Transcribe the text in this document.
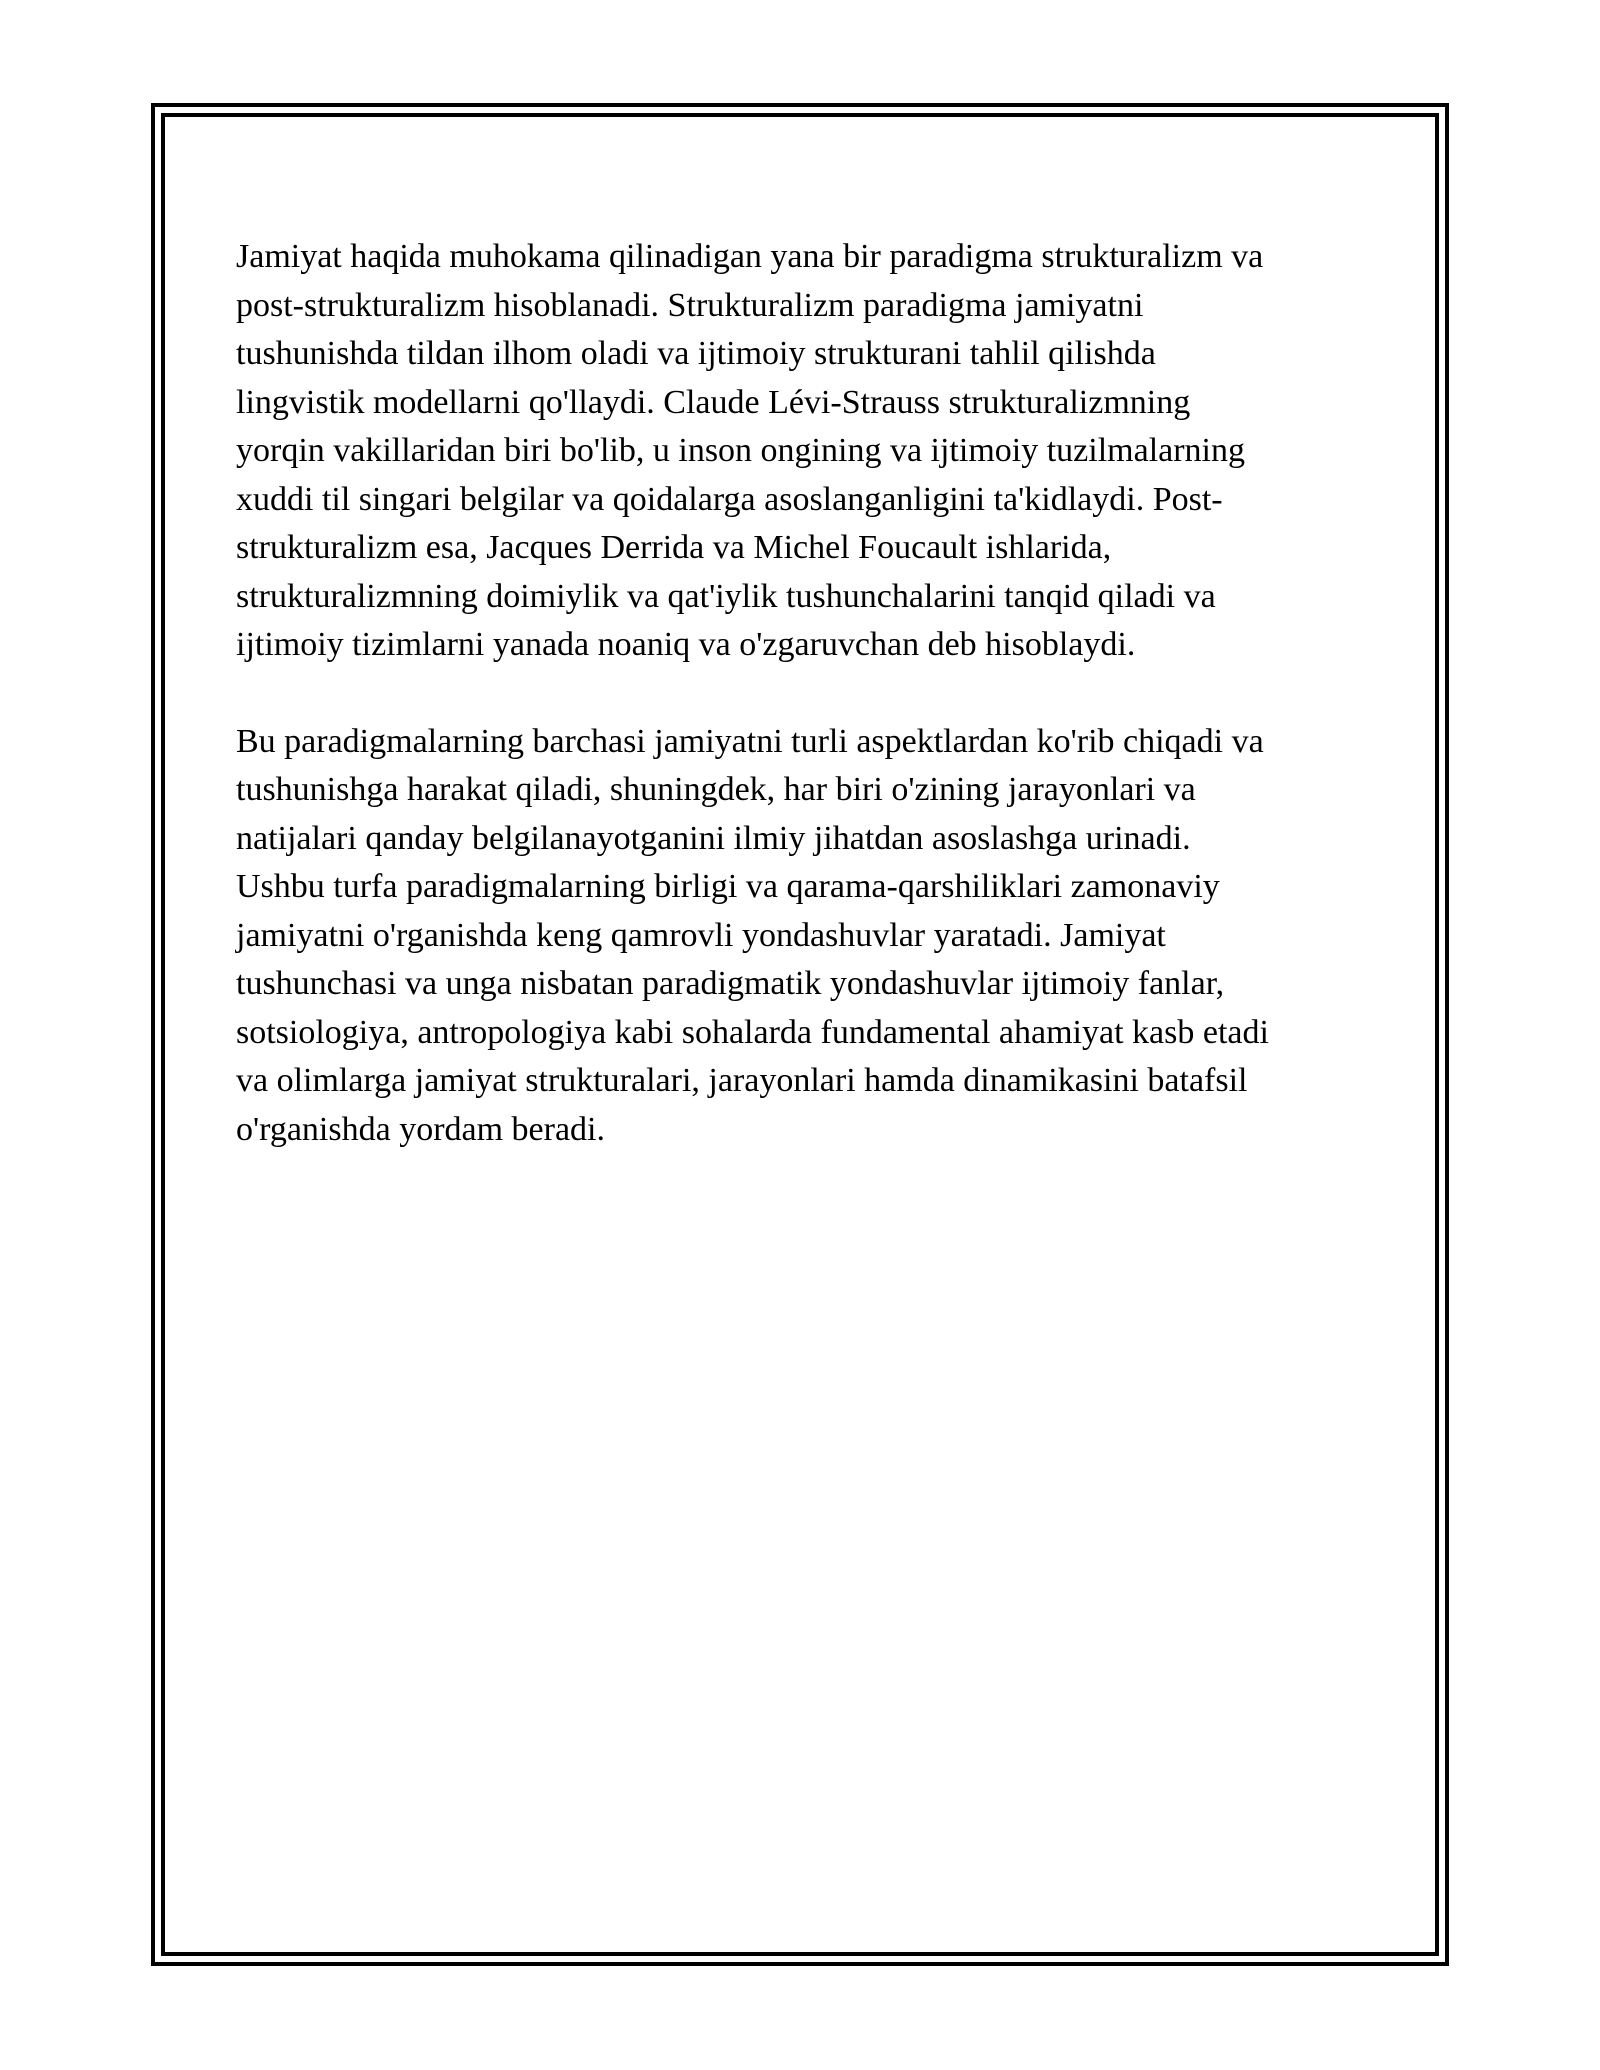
Jamiyat haqida muhokama qilinadigan yana bir paradigma strukturalizm va
post-strukturalizm hisoblanadi. Strukturalizm paradigma jamiyatni
tushunishda tildan ilhom oladi va ijtimoiy strukturani tahlil qilishda
lingvistik modellarni qo'llaydi. Claude Lévi-Strauss strukturalizmning
yorqin vakillaridan biri bo'lib, u inson ongining va ijtimoiy tuzilmalarning
xuddi til singari belgilar va qoidalarga asoslanganligini ta'kidlaydi. Post-
strukturalizm esa, Jacques Derrida va Michel Foucault ishlarida,
strukturalizmning doimiylik va qat'iylik tushunchalarini tanqid qiladi va
ijtimoiy tizimlarni yanada noaniq va o'zgaruvchan deb hisoblaydi.

Bu paradigmalarning barchasi jamiyatni turli aspektlardan ko'rib chiqadi va
tushunishga harakat qiladi, shuningdek, har biri o'zining jarayonlari va
natijalari qanday belgilanayotganini ilmiy jihatdan asoslashga urinadi.
Ushbu turfa paradigmalarning birligi va qarama-qarshiliklari zamonaviy
jamiyatni o'rganishda keng qamrovli yondashuvlar yaratadi. Jamiyat
tushunchasi va unga nisbatan paradigmatik yondashuvlar ijtimoiy fanlar,
sotsiologiya, antropologiya kabi sohalarda fundamental ahamiyat kasb etadi
va olimlarga jamiyat strukturalari, jarayonlari hamda dinamikasini batafsil
o'rganishda yordam beradi.
